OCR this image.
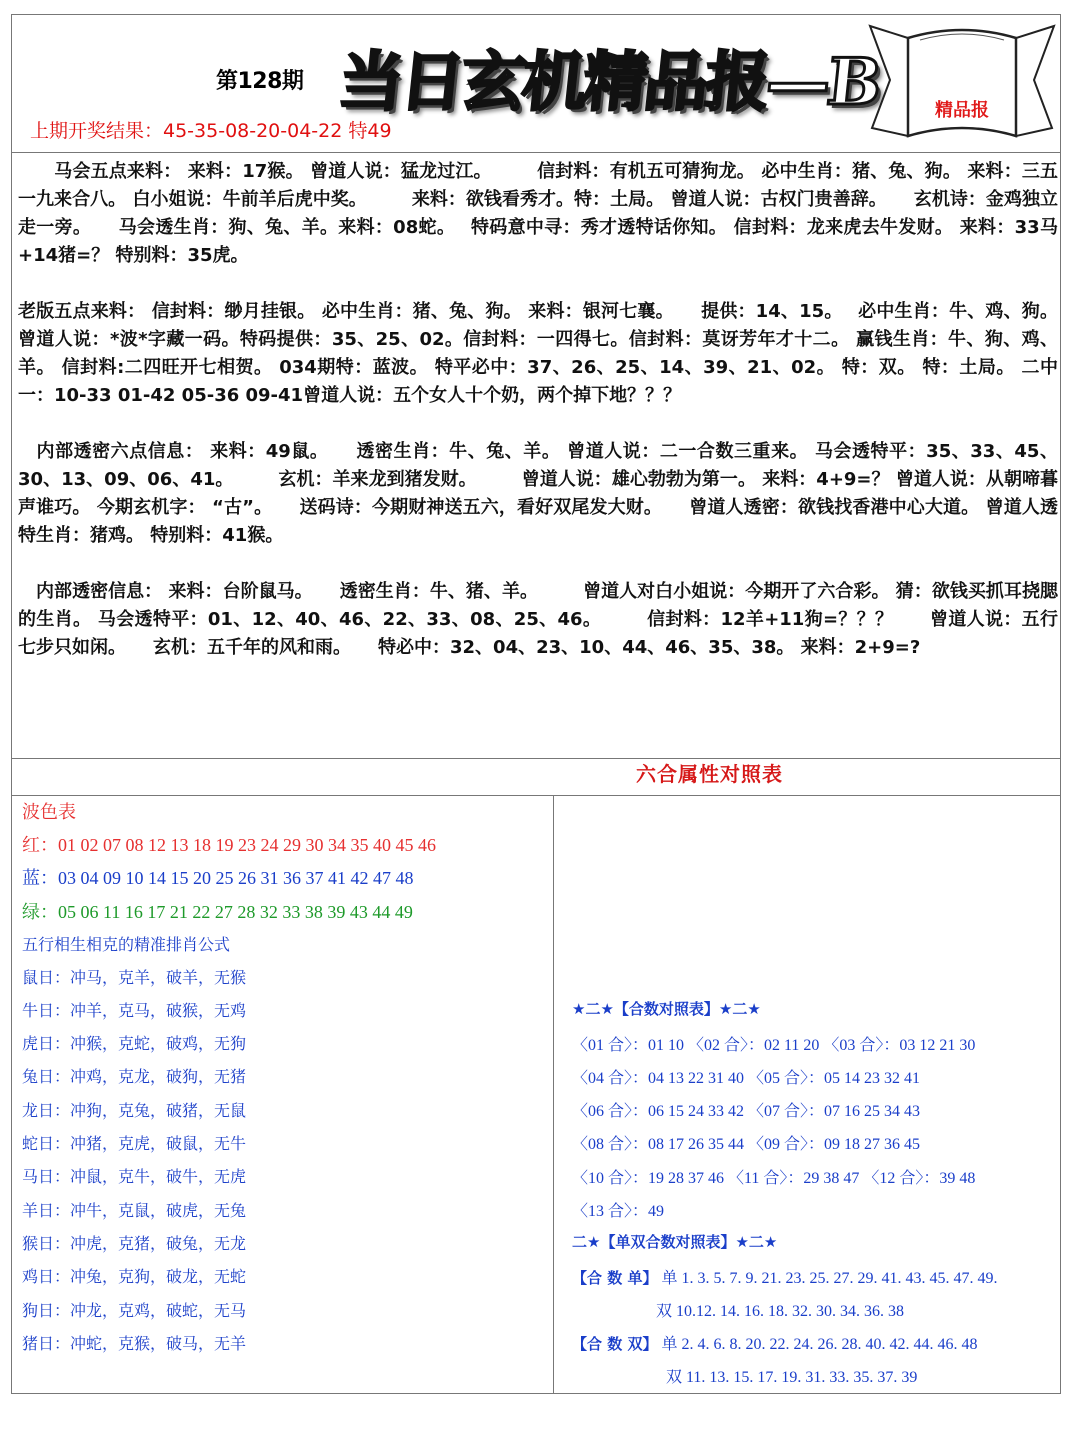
第128期 当日玄机精品报—B	精品报
上期开奖结果：45-35-08-20-04-22 特49

　　马会五点来料： 来料：17猴。 曾道人说：猛龙过江。　　　信封料：有机五可猜狗龙。 必中生肖：猪、兔、狗。 来料：三五一九来合八。 白小姐说：牛前羊后虎中奖。　　　来料：欲钱看秀才。特：土局。 曾道人说：古权门贵善辞。　　玄机诗：金鸡独立走一旁。　　马会透生肖：狗、兔、羊。来料：08蛇。　 特码意中寻：秀才透特话你知。 信封料：龙来虎去牛发财。 来料：33马+14猪=？ 特别料：35虎。

老版五点来料： 信封料：缈月挂银。 必中生肖：猪、兔、狗。 来料：银河七襄。　　提供：14、15。　 必中生肖：牛、鸡、狗。 曾道人说：*波*字藏一码。特码提供：35、25、02。信封料：一四得七。信封料：莫讶芳年才十二。 赢钱生肖：牛、狗、鸡、羊。 信封料:二四旺开七相贺。 034期特：蓝波。 特平必中：37、26、25、14、39、21、02。 特：双。 特：土局。 二中一：10-33 01-42 05-36 09-41曾道人说：五个女人十个奶，两个掉下地？？？

　内部透密六点信息： 来料：49鼠。　　透密生肖：牛、兔、羊。 曾道人说：二一合数三重来。 马会透特平：35、33、45、30、13、09、06、41。　　　玄机：羊来龙到猪发财。　　　曾道人说：雄心勃勃为第一。 来料：4+9=？ 曾道人说：从朝啼暮声谁巧。 今期玄机字： “古”。　　送码诗：今期财神送五六，看好双尾发大财。　　曾道人透密：欲钱找香港中心大道。 曾道人透特生肖：猪鸡。 特别料：41猴。

　内部透密信息： 来料：台阶鼠马。　　透密生肖：牛、猪、羊。　　　曾道人对白小姐说：今期开了六合彩。 猜：欲钱买抓耳挠腮的生肖。 马会透特平：01、12、40、46、22、33、08、25、46。　　　信封料：12羊+11狗=？？？　　曾道人说：五行七步只如闲。　　玄机：五千年的风和雨。　　特必中：32、04、23、10、44、46、35、38。 来料：2+9=?

六合属性对照表
波色表
红：01 02 07 08 12 13 18 19 23 24 29 30 34 35 40 45 46
蓝：03 04 09 10 14 15 20 25 26 31 36 37 41 42 47 48
绿：05 06 11 16 17 21 22 27 28 32 33 38 39 43 44 49
五行相生相克的精准排肖公式
鼠日：冲马，克羊，破羊，无猴
牛日：冲羊，克马，破猴，无鸡
虎日：冲猴，克蛇，破鸡，无狗
兔日：冲鸡，克龙，破狗，无猪
龙日：冲狗，克兔，破猪，无鼠
蛇日：冲猪，克虎，破鼠，无牛
马日：冲鼠，克牛，破牛，无虎
羊日：冲牛，克鼠，破虎，无兔
猴日：冲虎，克猪，破兔，无龙
鸡日：冲兔，克狗，破龙，无蛇
狗日：冲龙，克鸡，破蛇，无马
猪日：冲蛇，克猴，破马，无羊
★二★【合数对照表】★二★
〈01 合〉：01 10 〈02 合〉：02 11 20 〈03 合〉：03 12 21 30
〈04 合〉：04 13 22 31 40 〈05 合〉：05 14 23 32 41
〈06 合〉：06 15 24 33 42 〈07 合〉：07 16 25 34 43
〈08 合〉：08 17 26 35 44 〈09 合〉：09 18 27 36 45
〈10 合〉：19 28 37 46 〈11 合〉：29 38 47 〈12 合〉：39 48
〈13 合〉：49
二★【单双合数对照表】★二★
【合 数 单】 单 1. 3. 5. 7. 9. 21. 23. 25. 27. 29. 41. 43. 45. 47. 49.
双 10.12. 14. 16. 18. 32. 30. 34. 36. 38
【合 数 双】 单 2. 4. 6. 8. 20. 22. 24. 26. 28. 40. 42. 44. 46. 48
双 11. 13. 15. 17. 19. 31. 33. 35. 37. 39
